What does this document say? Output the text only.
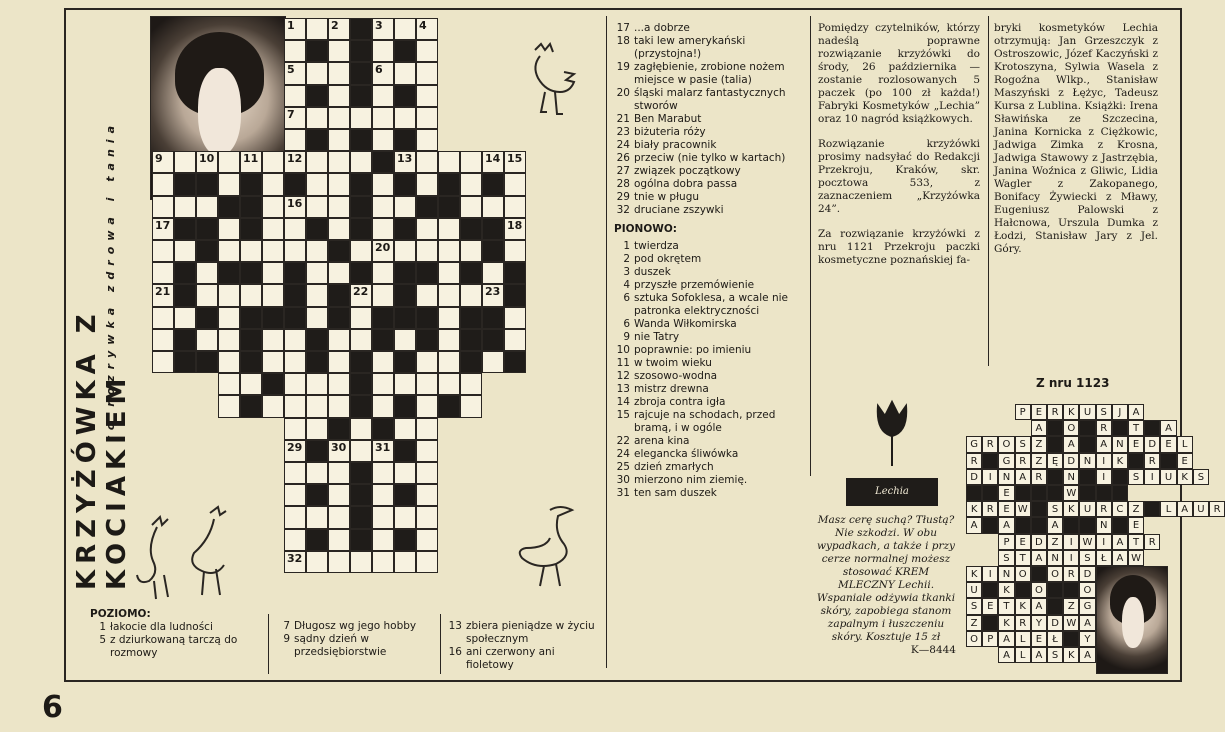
6
KRZYŻÓWKA Z KOCIAKIEM
to rozrywka zdrowa i tania
1	2	3	4
5	6
7
9	10	11	12	13	14 15
16
17	18
20
21	22	23
29	30	31
32
POZIOMO:
1 łakocie dla ludności
5 z dziurkowaną tarczą do rozmowy
7 Długosz wg jego hobby
9 sądny dzień w przedsiębiorstwie
13 zbiera pieniądze w życiu społecznym
16 ani czerwony ani fioletowy
17 ...a dobrze
18 taki lew amerykański (przystojna!)
19 zagłębienie, zrobione nożem miejsce w pasie (talia)
20 śląski malarz fantastycznych stworów
21 Ben Marabut
23 biżuteria róży
24 biały pracownik
26 przeciw (nie tylko w kartach)
27 związek początkowy
28 ogólna dobra passa
29 tnie w pługu
32 druciane zszywki
PIONOWO:
1 twierdza
2 pod okrętem
3 duszek
4 przyszłe przemówienie
6 sztuka Sofoklesa, a wcale nie patronka elektryczności
6 Wanda Wiłkomirska
9 nie Tatry
10 poprawnie: po imieniu
11 w twoim wieku
12 szosowo-wodna
13 mistrz drewna
14 zbroja contra igła
15 rajcuje na schodach, przed bramą, i w ogóle
22 arena kina
24 elegancka śliwówka
25 dzień zmarłych
30 mierzono nim ziemię.
31 ten sam duszek

Pomiędzy czytelników, którzy nadeślą poprawne rozwiązanie krzyżówki do środy, 26 października — zostanie rozlosowanych 5 paczek (po 100 zł każda!) Fabryki Kosmetyków „Lechia” oraz 10 nagród książkowych.

Rozwiązanie krzyżówki prosimy nadsyłać do Redakcji Przekroju, Kraków, skr. pocztowa 533, z zaznaczeniem „Krzyżówka 24”.

Za rozwiązanie krzyżówki z nru 1121 Przekroju paczki kosmetyczne poznańskiej fa-

bryki kosmetyków Lechia otrzymują: Jan Grzeszczyk z Ostroszowic, Józef Kaczyński z Krotoszyna, Sylwia Wasela z Rogoźna Wlkp., Stanisław Maszyński z Łężyc, Tadeusz Kursa z Lublina. Książki: Irena Sławińska ze Szczecina, Janina Kornicka z Ciężkowic, Jadwiga Zimka z Krosna, Jadwiga Stawowy z Jastrzębia, Janina Woźnica z Gliwic, Lidia Wagler z Zakopanego, Bonifacy Żywiecki z Mławy, Eugeniusz Palowski z Hałcnowa, Urszula Dumka z Łodzi, Stanisław Jary z Jel. Góry.
Lechia
Masz cerę suchą? Tłustą? Nie szkodzi. W obu wypadkach, a także i przy cerze normalnej możesz stosować KREM MLECZNY Lechii. Wspaniale odżywia tkanki skóry, zapobiega stanom zapalnym i łuszczeniu skóry. Kosztuje 15 zł
K—8444
Z nru 1123
P	E R K U S	J	A
A	O	R	T	A
G R O S Z	A	A N E D E	L
R	G R Z Ę D N	I	K	R	E
D	I	N A R	N	I	S	I	U K S
E	W
K R E W	S K U R C Z	L	A U R
A	A	A	N	E
P	E D Z	I W I	A T R
S T A N	I	S	Ł A W
K	I	N O	O R D
U	K	O	O
S E T K A	Z G
Z	K R Y D W A
O P A L	E	Ł	Y
A L	A S K A
